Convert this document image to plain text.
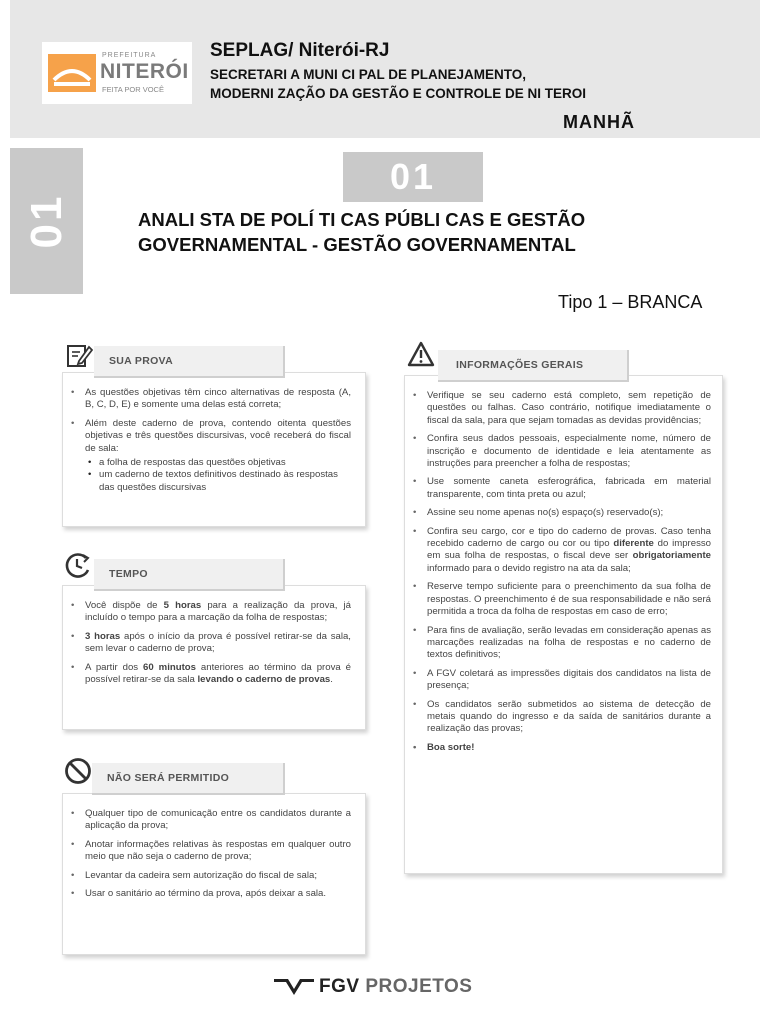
PREFEITURA
NITERÓI
FEITA POR VOCÊ
SEPLAG/ Niterói-RJ
SECRETARI A MUNI CI PAL DE PLANEJAMENTO,
MODERNI ZAÇÃO DA GESTÃO E CONTROLE DE NI TEROI
MANHÃ
01
01
ANALI STA DE POLÍ TI CAS PÚBLI CAS E GESTÃO
GOVERNAMENTAL - GESTÃO GOVERNAMENTAL
Tipo 1 – BRANCA
• As questões objetivas têm cinco alternativas de resposta (A, B, C, D, E) e somente uma delas está correta;
• Além deste caderno de prova, contendo oitenta questões objetivas e três questões discursivas, você receberá do fiscal de sala:
• a folha de respostas das questões objetivas
• um caderno de textos definitivos destinado às respostas das questões discursivas
SUA PROVA
• Você dispõe de 5 horas para a realização da prova, já incluído o tempo para a marcação da folha de respostas;
• 3 horas após o início da prova é possível retirar-se da sala, sem levar o caderno de prova;
• A partir dos 60 minutos anteriores ao término da prova é possível retirar-se da sala levando o caderno de provas.
TEMPO
• Qualquer tipo de comunicação entre os candidatos durante a aplicação da prova;
• Anotar informações relativas às respostas em qualquer outro meio que não seja o caderno de prova;
• Levantar da cadeira sem autorização do fiscal de sala;
• Usar o sanitário ao término da prova, após deixar a sala.
NÃO SERÁ PERMITIDO
• Verifique se seu caderno está completo, sem repetição de questões ou falhas. Caso contrário, notifique imediatamente o fiscal da sala, para que sejam tomadas as devidas providências;
• Confira seus dados pessoais, especialmente nome, número de inscrição e documento de identidade e leia atentamente as instruções para preencher a folha de respostas;
• Use somente caneta esferográfica, fabricada em material transparente, com tinta preta ou azul;
• Assine seu nome apenas no(s) espaço(s) reservado(s);
• Confira seu cargo, cor e tipo do caderno de provas. Caso tenha recebido caderno de cargo ou cor ou tipo diferente do impresso em sua folha de respostas, o fiscal deve ser obrigatoriamente informado para o devido registro na ata da sala;
• Reserve tempo suficiente para o preenchimento da sua folha de respostas. O preenchimento é de sua responsabilidade e não será permitida a troca da folha de respostas em caso de erro;
• Para fins de avaliação, serão levadas em consideração apenas as marcações realizadas na folha de respostas e no caderno de textos definitivos;
• A FGV coletará as impressões digitais dos candidatos na lista de presença;
• Os candidatos serão submetidos ao sistema de detecção de metais quando do ingresso e da saída de sanitários durante a realização das provas;
• Boa sorte!
INFORMAÇÕES GERAIS
FGV PROJETOS
